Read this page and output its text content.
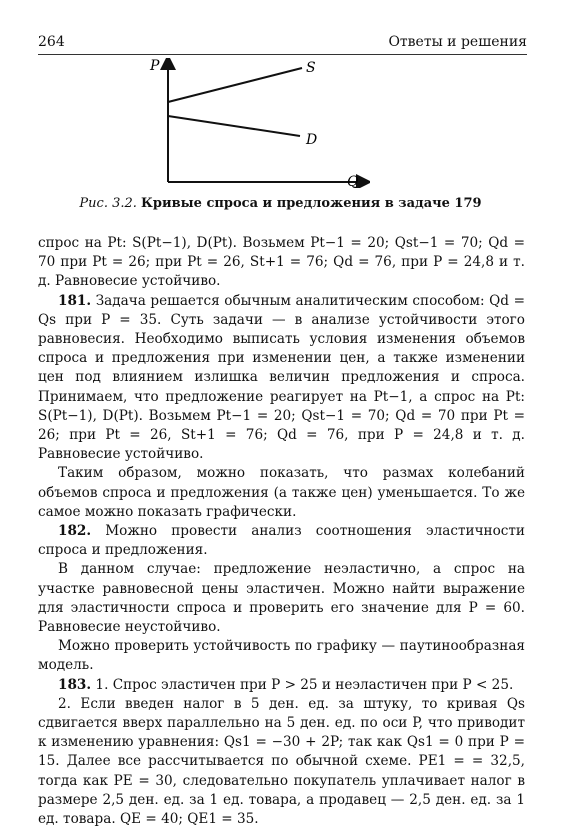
264	Ответы и решения
P
Q
S
D
Рис. 3.2. Кривые спроса и предложения в задаче 179

спрос на Pt: S(Pt−1), D(Pt). Возьмем Pt−1 = 20; Qst−1 = 70; Qd = 70 при Pt = 26; при Pt = 26, St+1 = 76; Qd = 76, при P = 24,8 и т. д. Равновесие устойчиво.

181. Задача решается обычным аналитическим способом: Qd = Qs при P = 35. Суть задачи — в анализе устойчивости этого равновесия. Необходимо выписать условия изменения объемов спроса и предложения при изменении цен, а также изменении цен под влиянием излишка величин предложения и спроса. Принимаем, что предложение реагирует на Pt−1, а спрос на Pt: S(Pt−1), D(Pt). Возьмем Pt−1 = 20; Qst−1 = 70; Qd = 70 при Pt = 26; при Pt = 26, St+1 = 76; Qd = 76, при P = 24,8 и т. д. Равновесие устойчиво.

Таким образом, можно показать, что размах колебаний объемов спроса и предложения (а также цен) уменьшается. То же самое можно показать графически.

182. Можно провести анализ соотношения эластичности спроса и предложения.

В данном случае: предложение неэластично, а спрос на участке равновесной цены эластичен. Можно найти выражение для эластичности спроса и проверить его значение для P = 60. Равновесие неустойчиво.

Можно проверить устойчивость по графику — паутинообразная модель.

183. 1. Спрос эластичен при P > 25 и неэластичен при P < 25.

2. Если введен налог в 5 ден. ед. за штуку, то кривая Qs сдвигается вверх параллельно на 5 ден. ед. по оси P, что приводит к изменению уравнения: Qs1 = −30 + 2P; так как Qs1 = 0 при P = 15. Далее все рассчитывается по обычной схеме. PE1 = = 32,5, тогда как PE = 30, следовательно покупатель уплачивает налог в размере 2,5 ден. ед. за 1 ед. товара, а продавец — 2,5 ден. ед. за 1 ед. товара. QE = 40; QE1 = 35.
